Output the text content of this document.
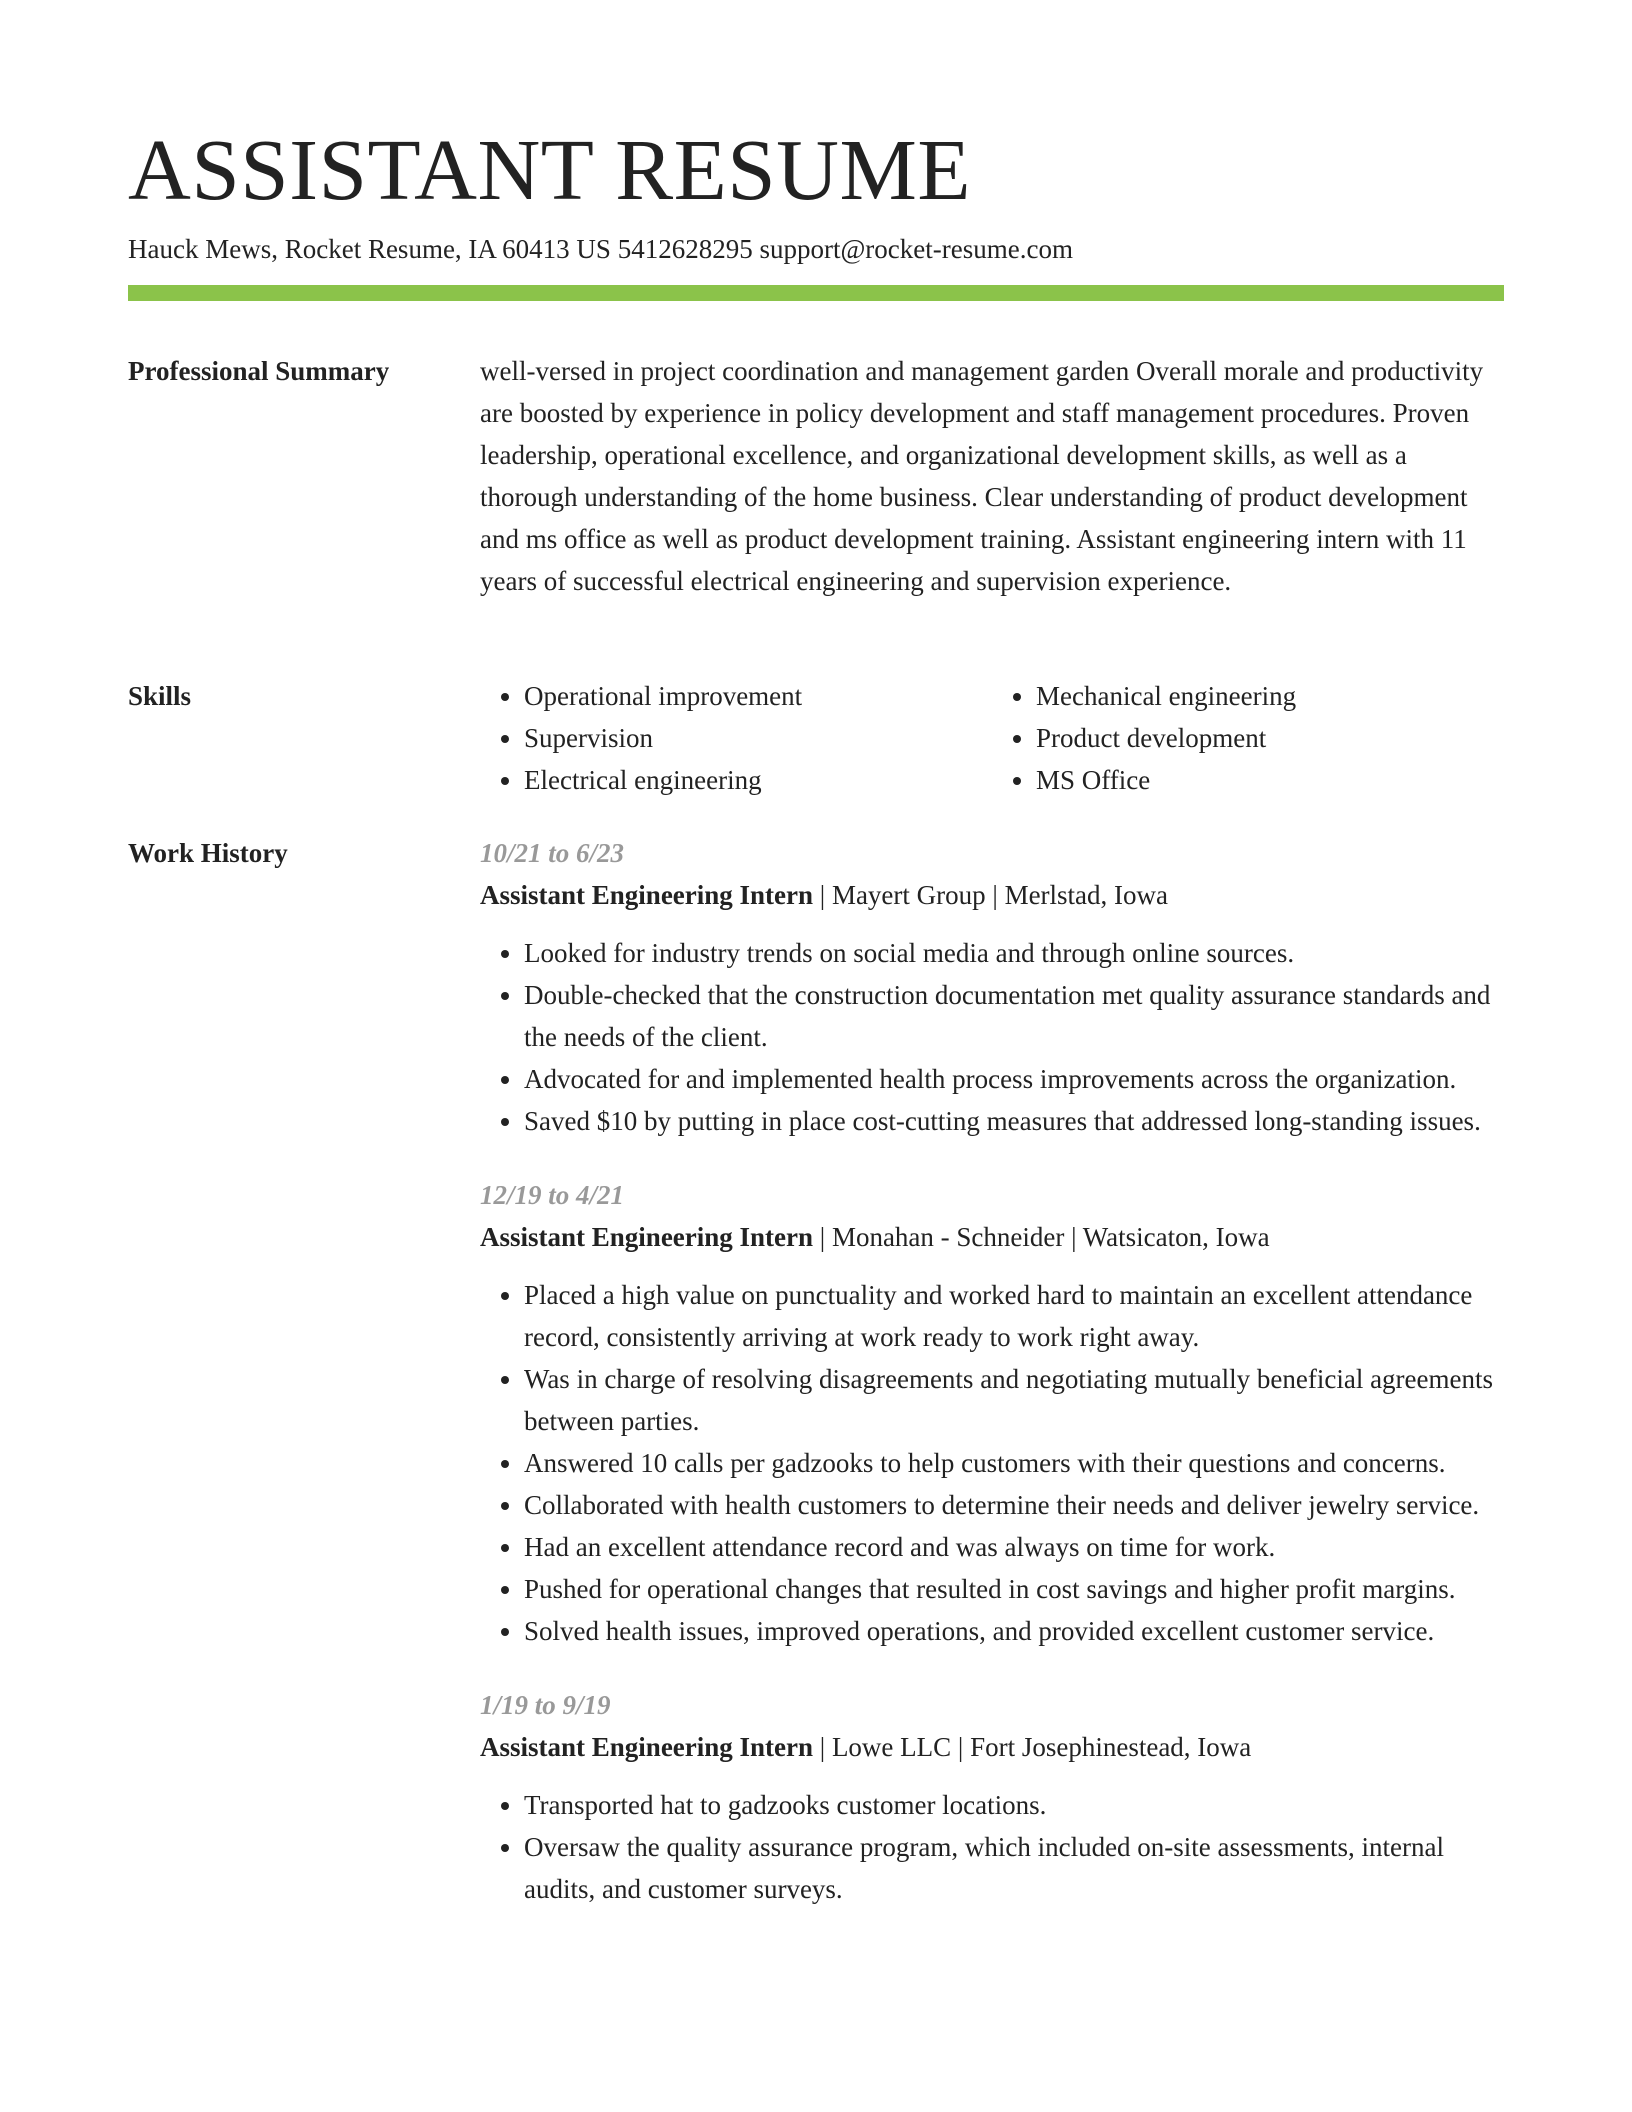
ASSISTANT RESUME
Hauck Mews, Rocket Resume, IA 60413 US 5412628295 support@rocket-resume.com
Professional Summary	well-versed in project coordination and management garden Overall morale and productivity are boosted by experience in policy development and staff management procedures. Proven leadership, operational excellence, and organizational development skills, as well as a thorough understanding of the home business. Clear understanding of product development and ms office as well as product development training. Assistant engineering intern with 11 years of successful electrical engineering and supervision experience.

Skills
•	Operational improvement
• Supervision
• Electrical engineering
• Mechanical engineering
• Product development
• MS Office
Work History	10/21 to 6/23
Assistant Engineering Intern | Mayert Group | Merlstad, Iowa
• Looked for industry trends on social media and through online sources.
• Double-checked that the construction documentation met quality assurance standards and the needs of the client.
• Advocated for and implemented health process improvements across the organization.
• Saved $10 by putting in place cost-cutting measures that addressed long-standing issues.
12/19 to 4/21
Assistant Engineering Intern | Monahan - Schneider | Watsicaton, Iowa
• Placed a high value on punctuality and worked hard to maintain an excellent attendance record, consistently arriving at work ready to work right away.
• Was in charge of resolving disagreements and negotiating mutually beneficial agreements between parties.
• Answered 10 calls per gadzooks to help customers with their questions and concerns.
• Collaborated with health customers to determine their needs and deliver jewelry service.
• Had an excellent attendance record and was always on time for work.
• Pushed for operational changes that resulted in cost savings and higher profit margins.
• Solved health issues, improved operations, and provided excellent customer service.
1/19 to 9/19
Assistant Engineering Intern | Lowe LLC | Fort Josephinestead, Iowa
• Transported hat to gadzooks customer locations.
• Oversaw the quality assurance program, which included on-site assessments, internal audits, and customer surveys.
